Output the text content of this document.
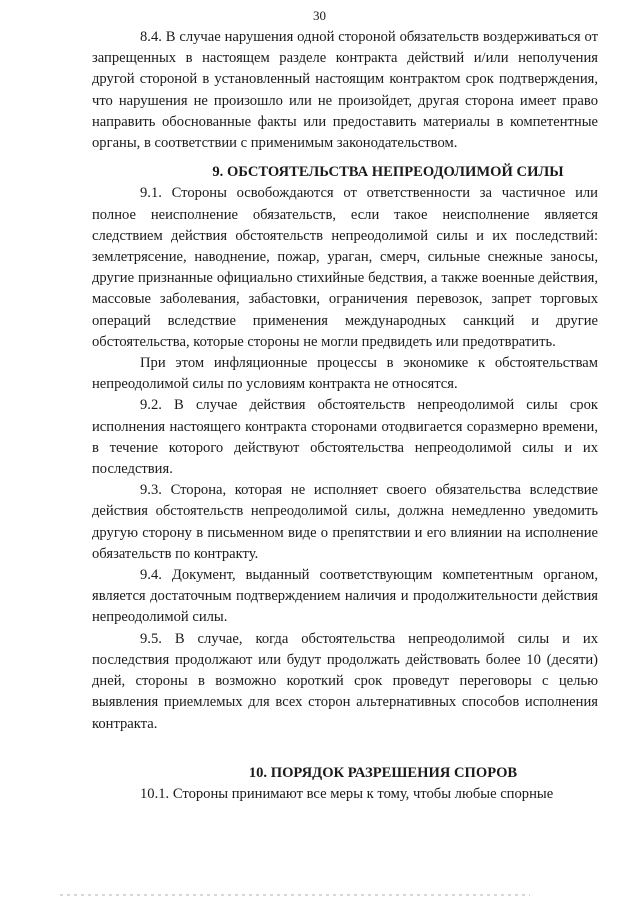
30

8.4. В случае нарушения одной стороной обязательств воздерживаться от запрещенных в настоящем разделе контракта действий и/или неполучения другой стороной в установленный настоящим контрактом срок подтверждения, что нарушения не произошло или не произойдет, другая сторона имеет право направить обоснованные факты или предоставить материалы в компетентные органы, в соответствии с применимым законодательством.

9. ОБСТОЯТЕЛЬСТВА НЕПРЕОДОЛИМОЙ СИЛЫ

9.1. Стороны освобождаются от ответственности за частичное или полное неисполнение обязательств, если такое неисполнение является следствием действия обстоятельств непреодолимой силы и их последствий: землетрясение, наводнение, пожар, ураган, смерч, сильные снежные заносы, другие признанные официально стихийные бедствия, а также военные действия, массовые заболевания, забастовки, ограничения перевозок, запрет торговых операций вследствие применения международных санкций и другие обстоятельства, которые стороны не могли предвидеть или предотвратить.

При этом инфляционные процессы в экономике к обстоятельствам непреодолимой силы по условиям контракта не относятся.

9.2. В случае действия обстоятельств непреодолимой силы срок исполнения настоящего контракта сторонами отодвигается соразмерно времени, в течение которого действуют обстоятельства непреодолимой силы и их последствия.

9.3. Сторона, которая не исполняет своего обязательства вследствие действия обстоятельств непреодолимой силы, должна немедленно уведомить другую сторону в письменном виде о препятствии и его влиянии на исполнение обязательств по контракту.

9.4. Документ, выданный соответствующим компетентным органом, является достаточным подтверждением наличия и продолжительности действия непреодолимой силы.

9.5. В случае, когда обстоятельства непреодолимой силы и их последствия продолжают или будут продолжать действовать более 10 (десяти) дней, стороны в возможно короткий срок проведут переговоры с целью выявления приемлемых для всех сторон альтернативных способов исполнения контракта.

10. ПОРЯДОК РАЗРЕШЕНИЯ СПОРОВ

10.1. Стороны принимают все меры к тому, чтобы любые спорные
